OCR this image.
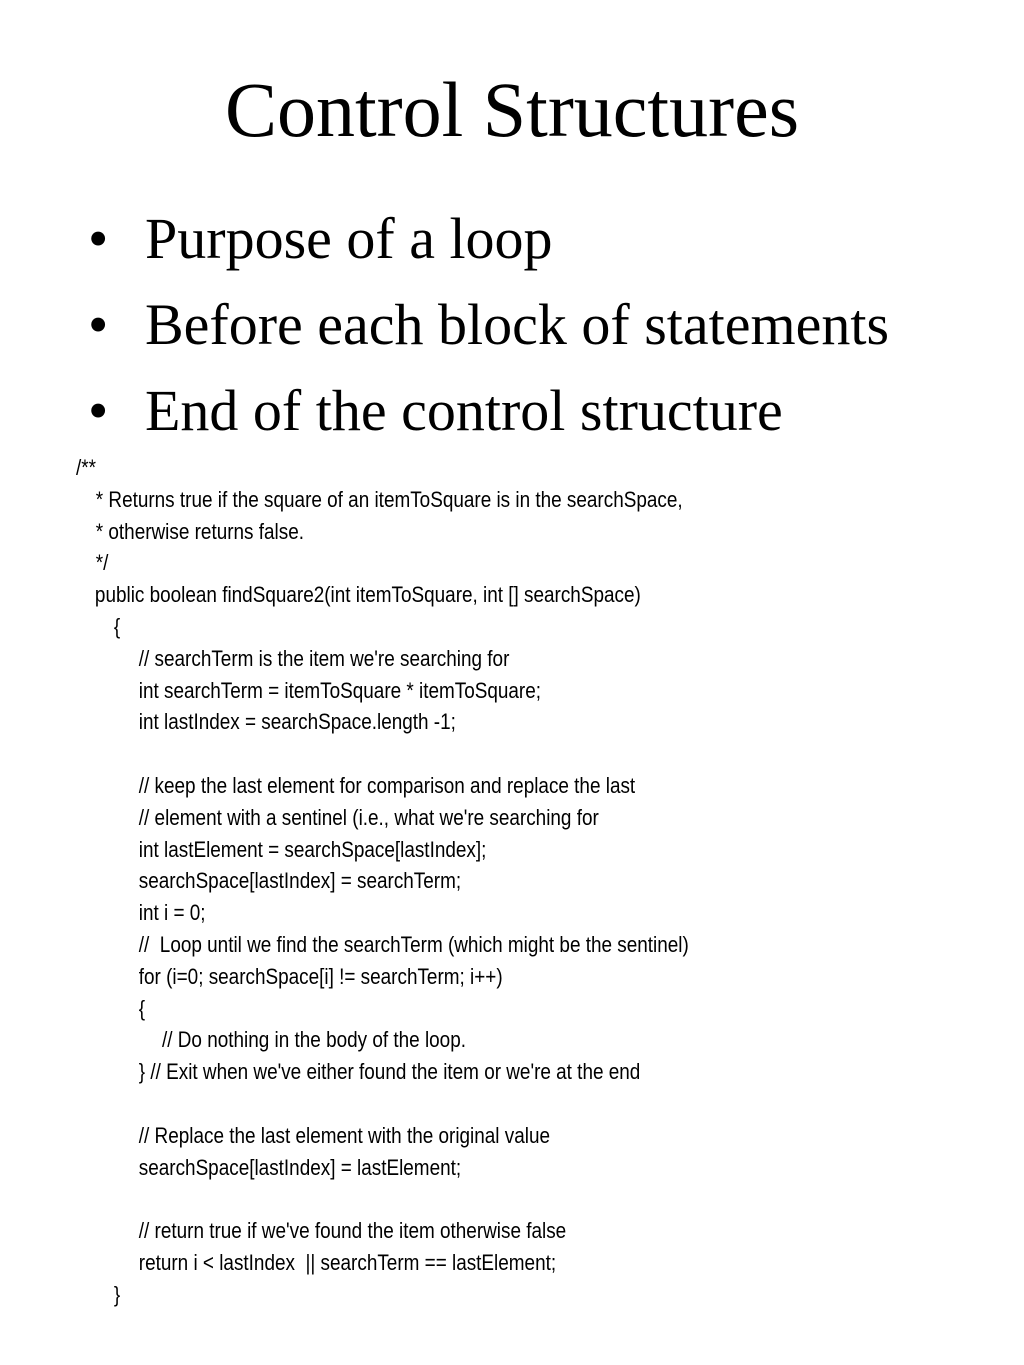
Control Structures
• Purpose of a loop
• Before each block of statements
• End of the control structure
/**
* Returns true if the square of an itemToSquare is in the searchSpace,
* otherwise returns false.
*/
public boolean findSquare2(int itemToSquare, int [] searchSpace)
{
// searchTerm is the item we're searching for
int searchTerm = itemToSquare * itemToSquare;
int lastIndex = searchSpace.length -1;
// keep the last element for comparison and replace the last
// element with a sentinel (i.e., what we're searching for
int lastElement = searchSpace[lastIndex];
searchSpace[lastIndex] = searchTerm;
int i = 0;
//  Loop until we find the searchTerm (which might be the sentinel)
for (i=0; searchSpace[i] != searchTerm; i++)
{
// Do nothing in the body of the loop.
} // Exit when we've either found the item or we're at the end
// Replace the last element with the original value
searchSpace[lastIndex] = lastElement;
// return true if we've found the item otherwise false
return i < lastIndex  || searchTerm == lastElement;
}
